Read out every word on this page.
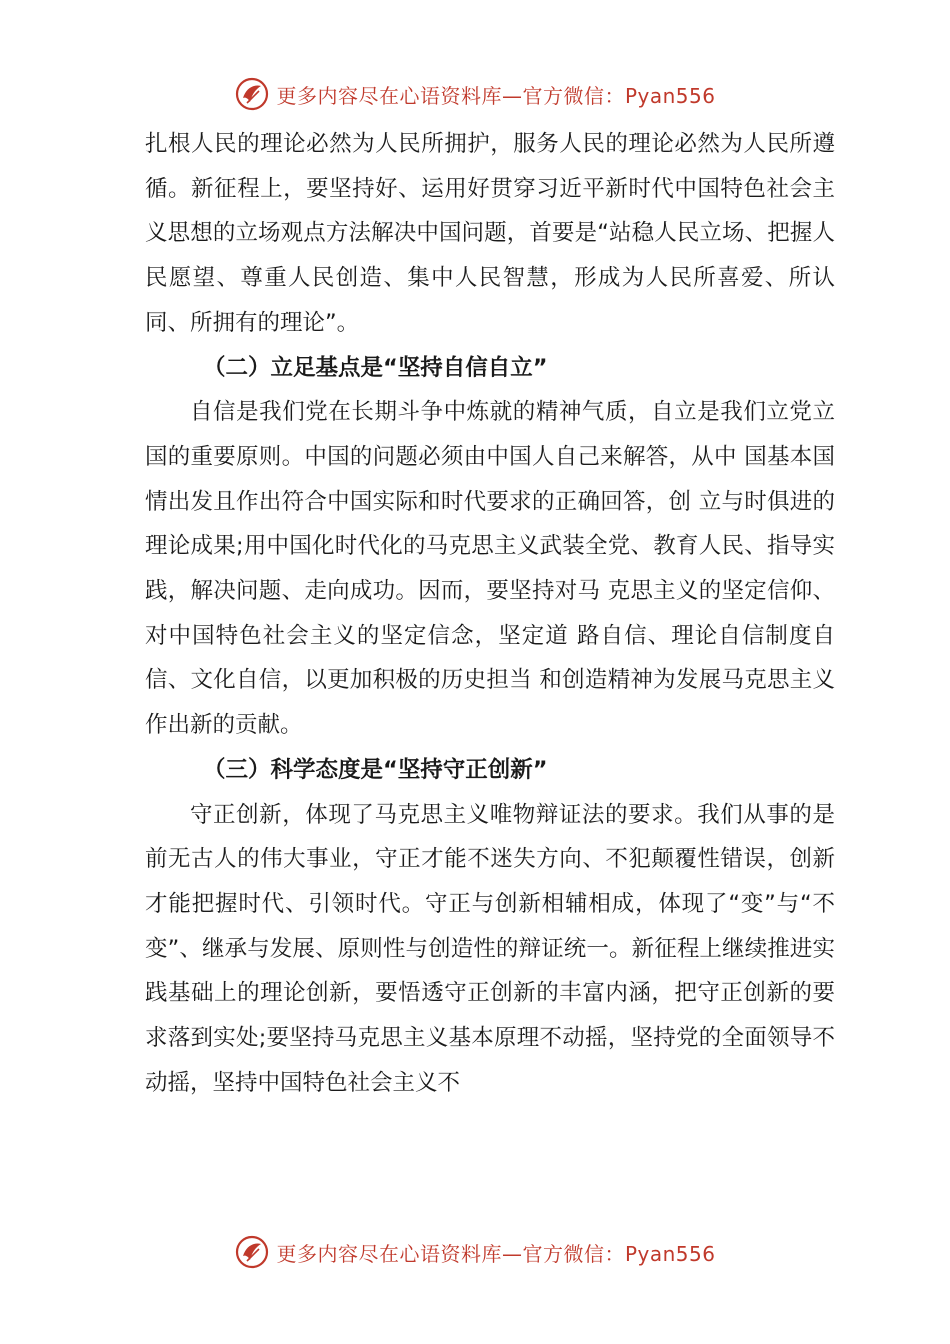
更多内容尽在心语资料库—官方微信：Pyan556

扎根人民的理论必然为人民所拥护，服务人民的理论必然为人民所遵循。新征程上，要坚持好、运用好贯穿习近平新时代中国特色社会主义思想的立场观点方法解决中国问题，首要是“站稳人民立场、把握人民愿望、尊重人民创造、集中人民智慧，形成为人民所喜爱、所认同、所拥有的理论”。

（二）立足基点是“坚持自信自立”

自信是我们党在长期斗争中炼就的精神气质，自立是我们立党立国的重要原则。中国的问题必须由中国人自己来解答，从中 国基本国情出发且作出符合中国实际和时代要求的正确回答，创 立与时俱进的理论成果;用中国化时代化的马克思主义武装全党、教育人民、指导实践，解决问题、走向成功。因而，要坚持对马 克思主义的坚定信仰、对中国特色社会主义的坚定信念，坚定道 路自信、理论自信制度自信、文化自信，以更加积极的历史担当 和创造精神为发展马克思主义作出新的贡献。

（三）科学态度是“坚持守正创新”

守正创新，体现了马克思主义唯物辩证法的要求。我们从事的是前无古人的伟大事业，守正才能不迷失方向、不犯颠覆性错误，创新才能把握时代、引领时代。守正与创新相辅相成，体现了“变”与“不变”、继承与发展、原则性与创造性的辩证统一。新征程上继续推进实践基础上的理论创新，要悟透守正创新的丰富内涵，把守正创新的要求落到实处;要坚持马克思主义基本原理不动摇，坚持党的全面领导不动摇，坚持中国特色社会主义不

更多内容尽在心语资料库—官方微信：Pyan556
